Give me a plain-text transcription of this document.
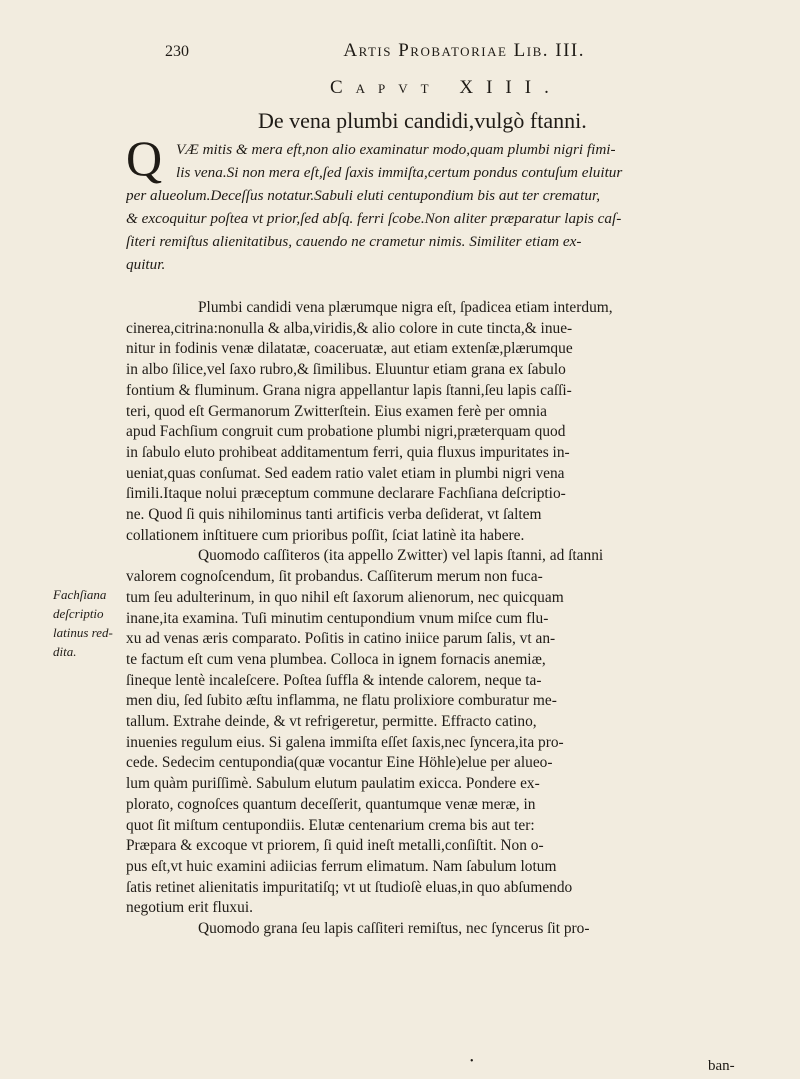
230	Artis Probatoriae Lib. III.
Capvt XIII.
De vena plumbi candidi,vulgò ftanni.
Q VÆ mitis & mera eft,non alio examinatur modo,quam plumbi nigri fimi-
lis vena.Si non mera eſt,ſed ſaxis immiſta,certum pondus contuſum eluitur
per alueolum.Deceſſus notatur.Sabuli eluti centupondium bis aut ter crematur,
& excoquitur poſtea vt prior,ſed abſq. ferri ſcobe.Non aliter præparatur lapis caſ-
ſiteri remiſtus alienitatibus, cauendo ne crametur nimis. Similiter etiam ex-
quitur.
Plumbi candidi vena plærumque nigra eſt, ſpadicea etiam interdum,
cinerea,citrina:nonulla & alba,viridis,& alio colore in cute tincta,& inue-
nitur in fodinis venæ dilatatæ, coaceruatæ, aut etiam extenſæ,plærumque
in albo ſilice,vel ſaxo rubro,& ſimilibus. Eluuntur etiam grana ex ſabulo
fontium & fluminum. Grana nigra appellantur lapis ſtanni,ſeu lapis caſſi-
teri, quod eſt Germanorum Zwitterſtein. Eius examen ferè per omnia
apud Fachſium congruit cum probatione plumbi nigri,præterquam quod
in ſabulo eluto prohibeat additamentum ferri, quia fluxus impuritates in-
ueniat,quas conſumat. Sed eadem ratio valet etiam in plumbi nigri vena
ſimili.Itaque nolui præceptum commune declarare Fachſiana deſcriptio-
ne. Quod ſi quis nihilominus tanti artificis verba deſiderat, vt ſaltem
collationem inſtituere cum prioribus poſſit, ſciat latinè ita habere.
Quomodo caſſiteros (ita appello Zwitter) vel lapis ſtanni, ad ſtanni
valorem cognoſcendum, ſit probandus. Caſſiterum merum non fuca-
tum ſeu adulterinum, in quo nihil eſt ſaxorum alienorum, nec quicquam
inane,ita examina. Tuſi minutim centupondium vnum miſce cum flu-
xu ad venas æris comparato. Poſitis in catino iniice parum ſalis, vt an-
te factum eſt cum vena plumbea. Colloca in ignem fornacis anemiæ,
ſineque lentè incaleſcere. Poſtea ſuffla & intende calorem, neque ta-
men diu, ſed ſubito æſtu inflamma, ne flatu prolixiore comburatur me-
tallum. Extrahe deinde, & vt refrigeretur, permitte. Effracto catino,
inuenies regulum eius. Si galena immiſta eſſet ſaxis,nec ſyncera,ita pro-
cede. Sedecim centupondia(quæ vocantur Eine Höhle)elue per alueo-
lum quàm puriſſimè. Sabulum elutum paulatim exicca. Pondere ex-
plorato, cognoſces quantum deceſſerit, quantumque venæ meræ, in
quot ſit miſtum centupondiis. Elutæ centenarium crema bis aut ter:
Præpara & excoque vt priorem, ſi quid ineſt metalli,conſiſtit. Non o-
pus eſt,vt huic examini adiicias ferrum elimatum. Nam ſabulum lotum
ſatis retinet alienitatis impuritatiſq; vt ut ſtudioſè eluas,in quo abſumendo
negotium erit fluxui.
Quomodo grana ſeu lapis caſſiteri remiſtus, nec ſyncerus ſit pro-
Fachſiana
deſcriptio
latinus red-
dita.
•	ban-
